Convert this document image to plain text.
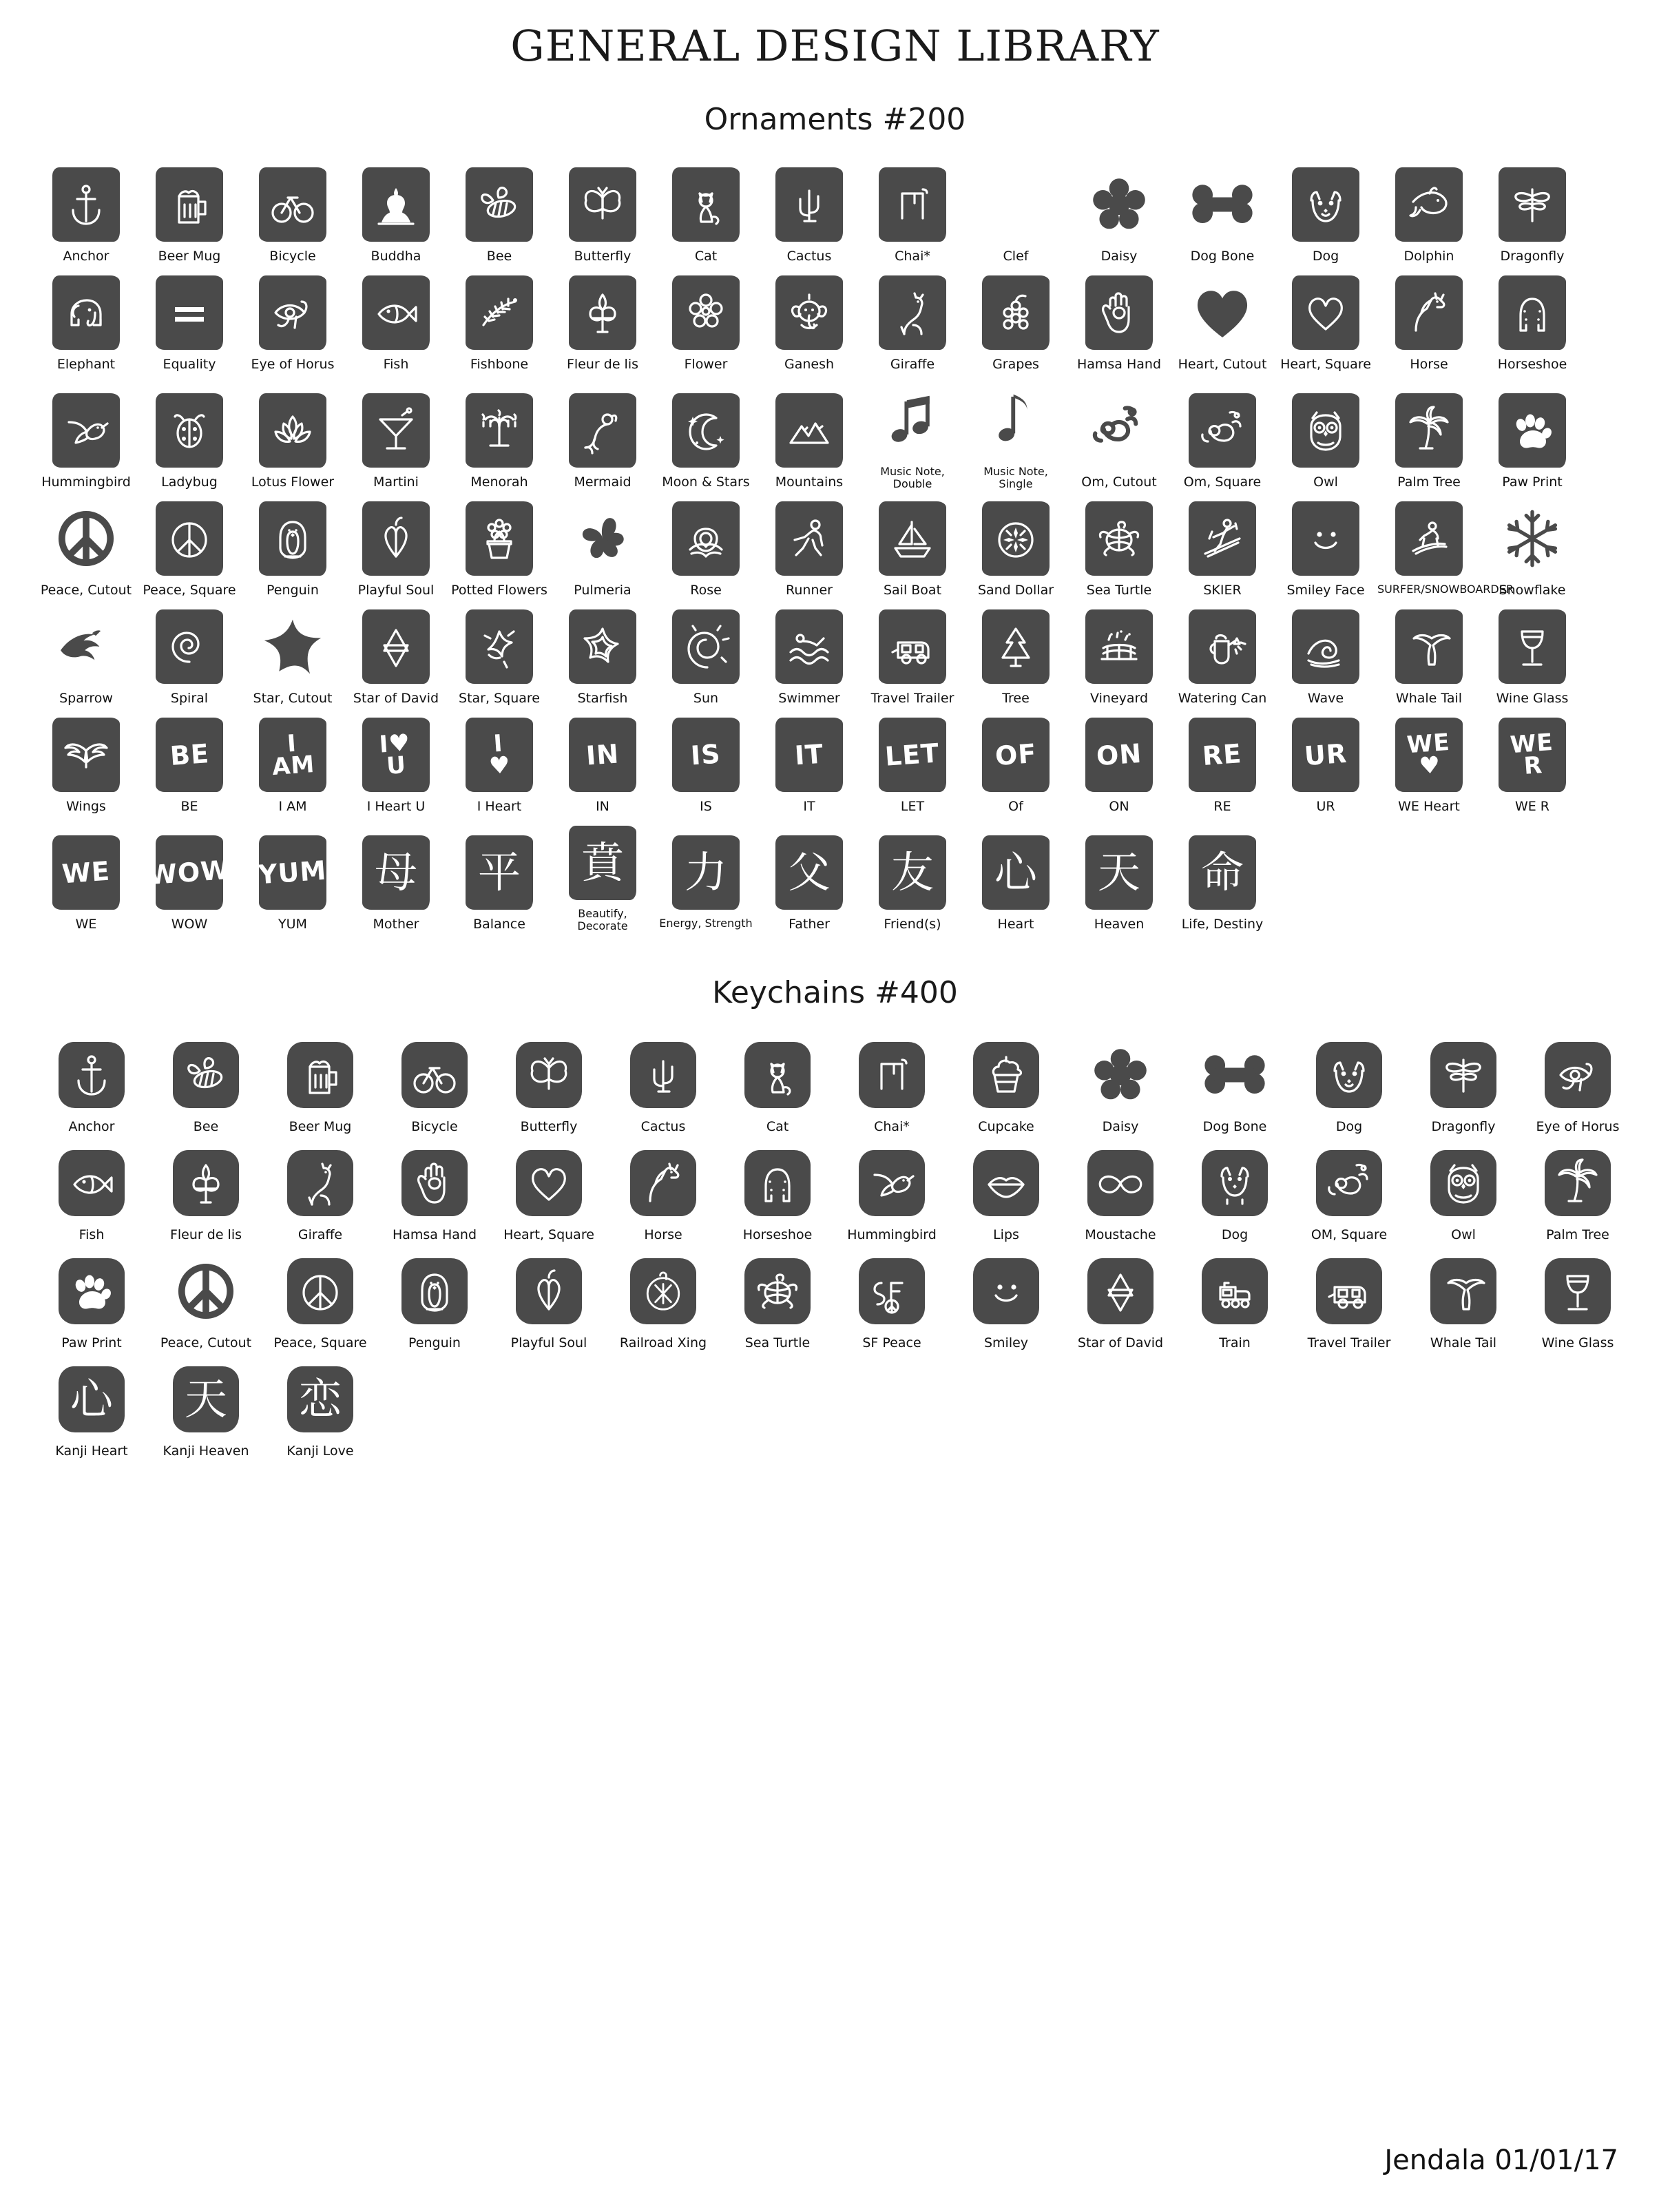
GENERAL DESIGN LIBRARY
Ornaments #200
Anchor	Beer Mug	Bicycle	Buddha	Bee	Butterfly	Cat	Cactus	Chai*	Clef	Daisy	Dog Bone	Dog	Dolphin	Dragonfly
Elephant	Equality	Eye of Horus	Fish	Fishbone	Fleur de lis	Flower	Ganesh	Giraffe	Grapes	Hamsa Hand Heart, Cutout Heart, Square	Horse	Horseshoe
Hummingbird Ladybug	Lotus Flower	Martini	Menorah	Mermaid Moon & Stars Mountains
Music Note, Double
Music Note, Single	Om, Cutout Om, Square	Owl	Palm Tree	Paw Print
Peace, Cutout Peace, Square Penguin	Playful Soul Potted Flowers Pulmeria	Rose	Runner	Sail Boat	Sand Dollar	Sea Turtle	SKIER	Smiley Face SURFER/SNOWBOARDER
Snowflake
Sparrow	Spiral	Star, Cutout Star of David Star, Square	Starfish	Sun	Swimmer Travel Trailer	Tree	Vineyard Watering Can	Wave	Whale Tail	Wine Glass
Wings
BE
BE
I
AM
I AM
I♥
U
I Heart U
I
♥
I Heart
IN
IN
IS
IS
IT
IT
LET
LET
OF
Of
ON
ON
RE
RE
UR
UR
WE
♥
WE Heart
WE
R
WE R
WE
WE
WOW
WOW
YUM
YUM
母
Mother
平
Balance
賁
Beautify, Decorate
力
Energy, Strength
父
Father
友
Friend(s)
心
Heart
天
Heaven
命
Life, Destiny
Keychains #400
Anchor	Bee	Beer Mug	Bicycle	Butterfly	Cactus	Cat	Chai*	Cupcake	Daisy	Dog Bone	Dog	Dragonfly	Eye of Horus
Fish	Fleur de lis	Giraffe	Hamsa Hand Heart, Square	Horse	Horseshoe	Hummingbird	Lips	Moustache	Dog	OM, Square	Owl	Palm Tree
Paw Print	Peace, Cutout Peace, Square	Penguin	Playful Soul	Railroad Xing	Sea Turtle	SF Peace	Smiley	Star of David	Train	Travel Trailer	Whale Tail	Wine Glass
心
Kanji Heart
天
Kanji Heaven
恋
Kanji Love
Jendala 01/01/17
